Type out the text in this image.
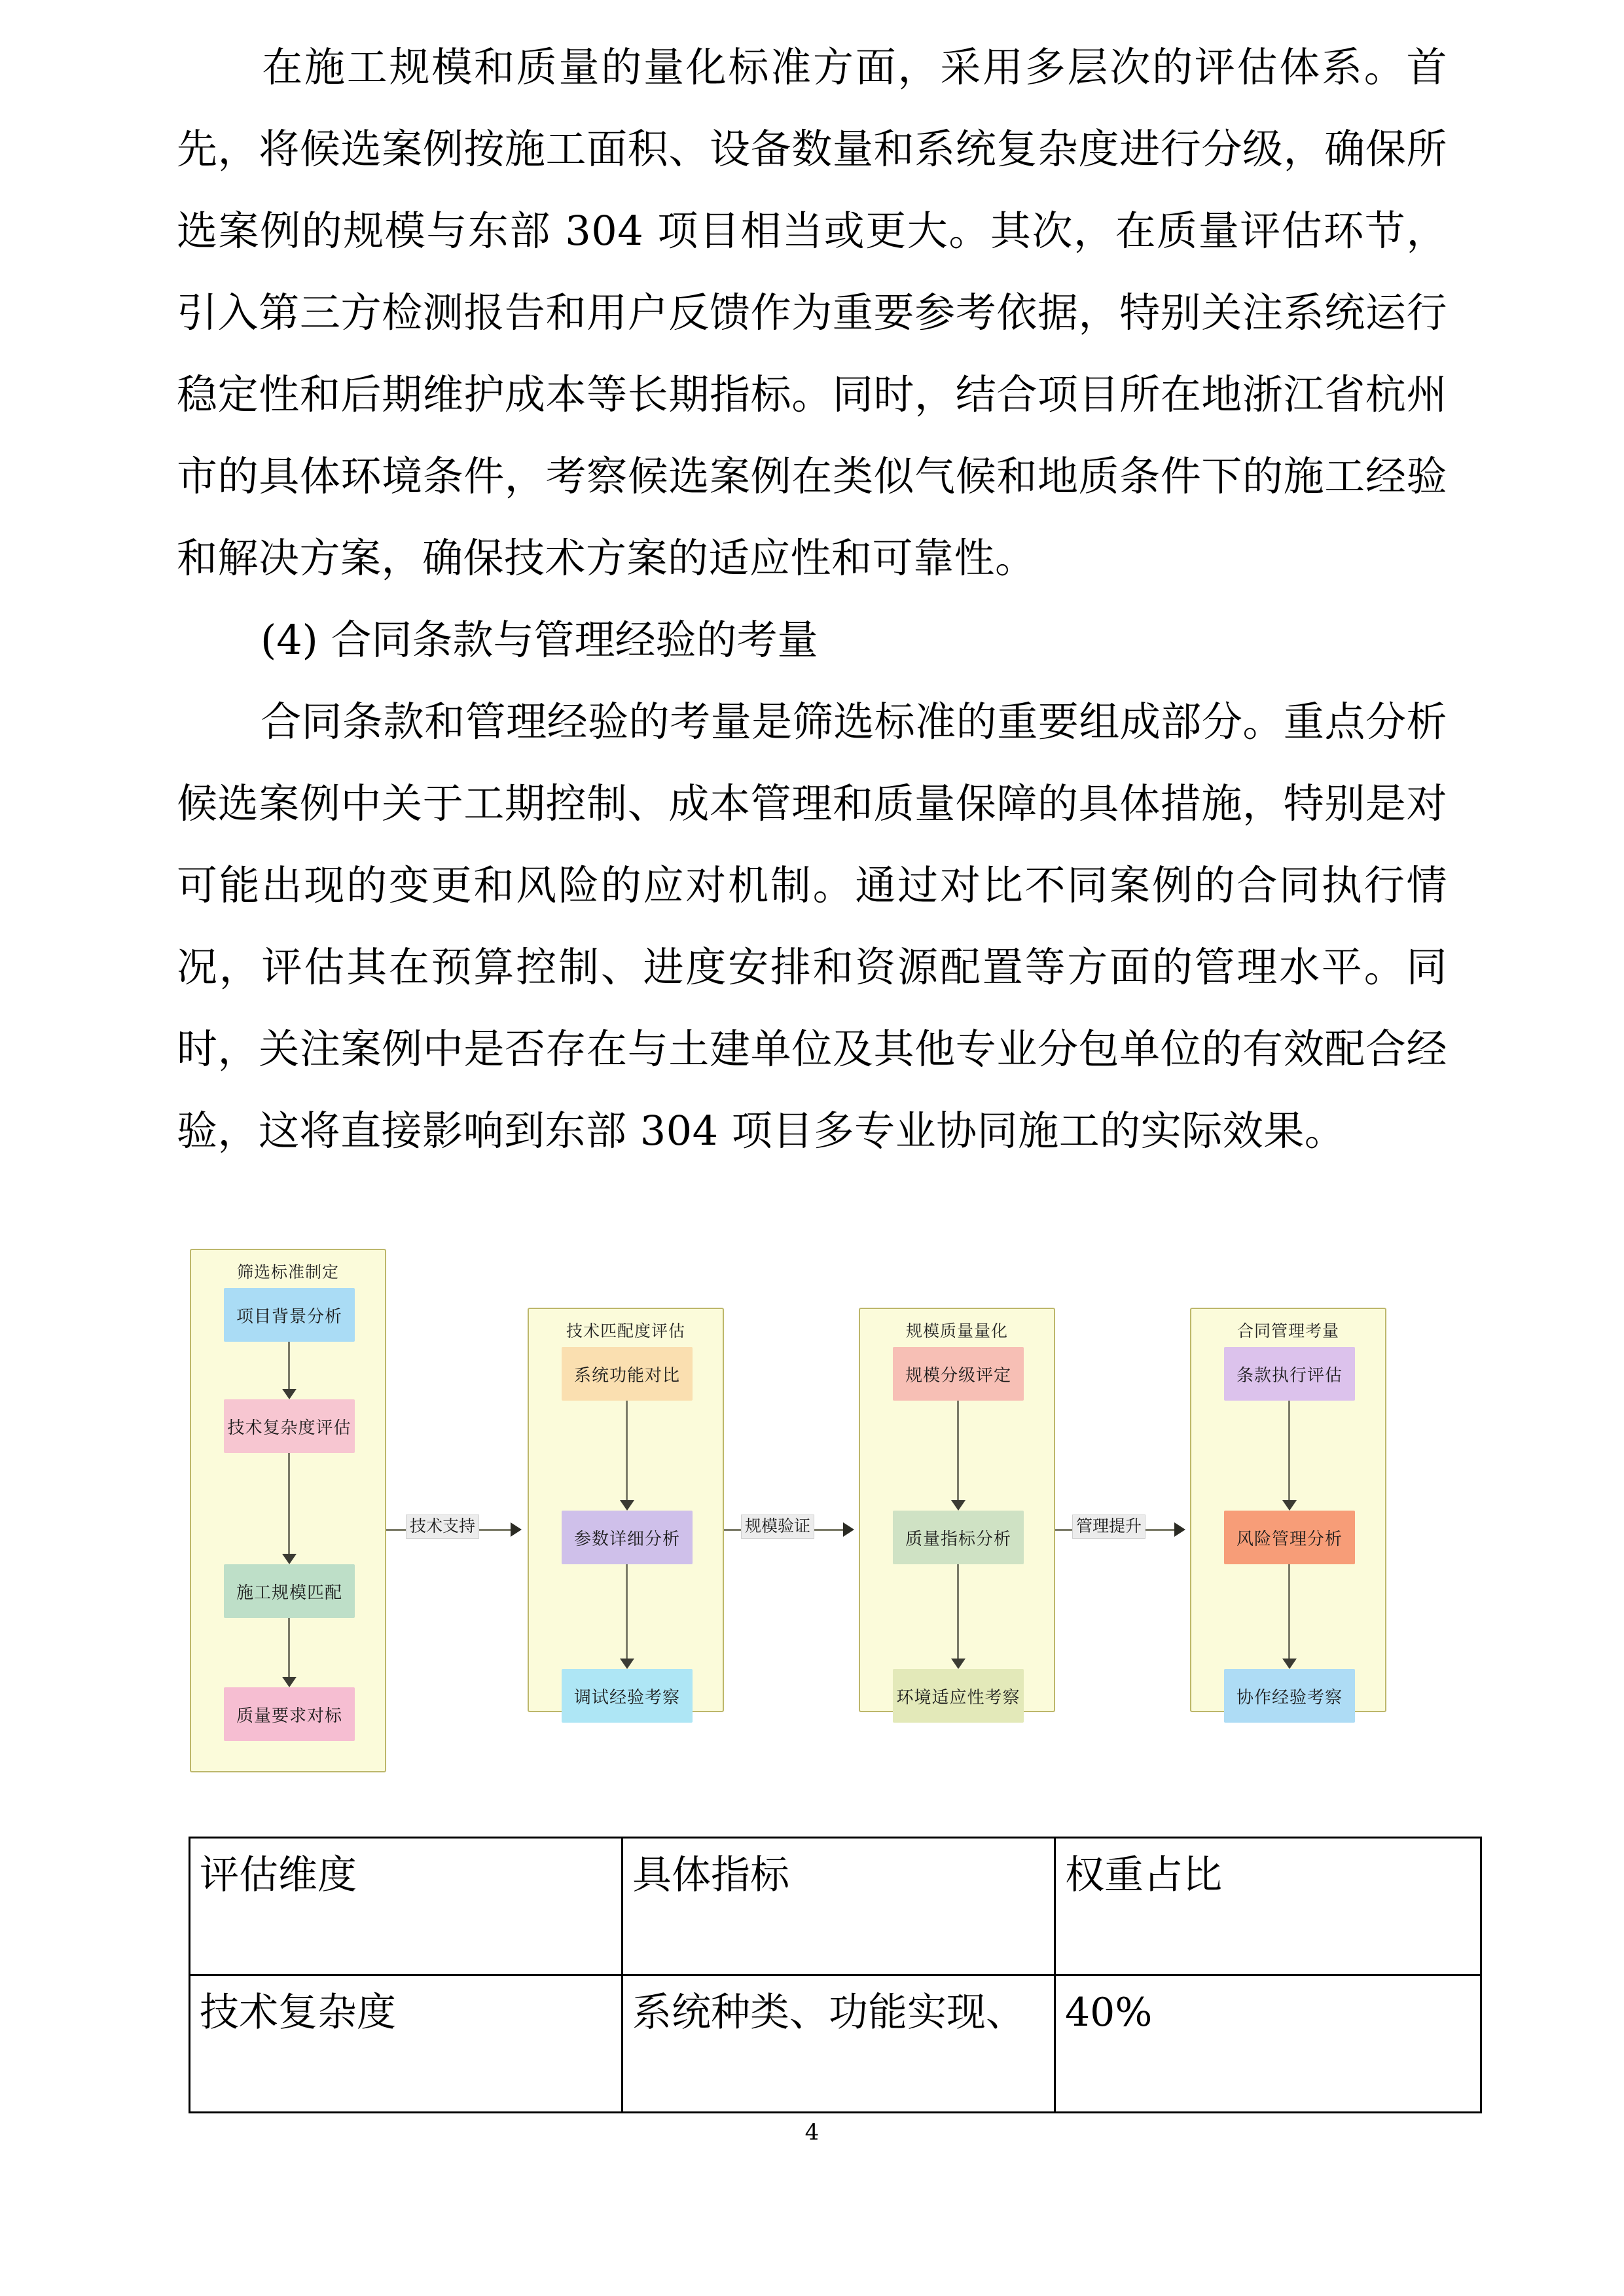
在施工规模和质量的量化标准方面，采用多层次的评估体系。首先，将候选案例按施工面积、设备数量和系统复杂度进行分级，确保所选案例的规模与东部 304 项目相当或更大。其次，在质量评估环节，引入第三方检测报告和用户反馈作为重要参考依据，特别关注系统运行稳定性和后期维护成本等长期指标。同时，结合项目所在地浙江省杭州市的具体环境条件，考察候选案例在类似气候和地质条件下的施工经验和解决方案，确保技术方案的适应性和可靠性。

(4) 合同条款与管理经验的考量

合同条款和管理经验的考量是筛选标准的重要组成部分。重点分析候选案例中关于工期控制、成本管理和质量保障的具体措施，特别是对可能出现的变更和风险的应对机制。通过对比不同案例的合同执行情况，评估其在预算控制、进度安排和资源配置等方面的管理水平。同时，关注案例中是否存在与土建单位及其他专业分包单位的有效配合经验，这将直接影响到东部 304 项目多专业协同施工的实际效果。

筛选标准制定
项目背景分析
技术复杂度评估
施工规模匹配
质量要求对标
技术支持
技术匹配度评估
系统功能对比
参数详细分析
调试经验考察
规模验证
规模质量量化
规模分级评定
质量指标分析
环境适应性考察
管理提升
合同管理考量
条款执行评估
风险管理分析
协作经验考察
评估维度	具体指标	权重占比
技术复杂度	系统种类、功能实现、	40%
4
